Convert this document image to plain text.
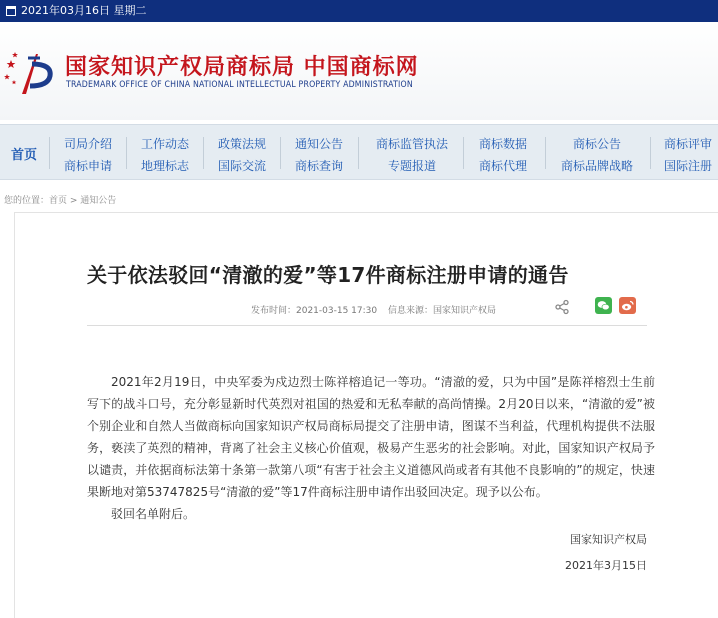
2021年03月16日 星期二
国家知识产权局商标局 中国商标网
TRADEMARK OFFICE OF CHINA NATIONAL INTELLECTUAL PROPERTY ADMINISTRATION
首页
司局介绍
商标申请
工作动态
地理标志
政策法规
国际交流
通知公告
商标查询
商标监管执法
专题报道
商标数据
商标代理
商标公告
商标品牌战略
商标评审
国际注册
您的位置：首页 > 通知公告
关于依法驳回“清澈的爱”等17件商标注册申请的通告
发布时间：2021-03-15 17:30 信息来源：国家知识产权局

2021年2月19日，中央军委为戍边烈士陈祥榕追记一等功。“清澈的爱，只为中国”是陈祥榕烈士生前写下的战斗口号，充分彰显新时代英烈对祖国的热爱和无私奉献的高尚情操。2月20日以来，“清澈的爱”被个别企业和自然人当做商标向国家知识产权局商标局提交了注册申请，图谋不当利益，代理机构提供不法服务，亵渎了英烈的精神，背离了社会主义核心价值观，极易产生恶劣的社会影响。对此，国家知识产权局予以谴责，并依据商标法第十条第一款第八项“有害于社会主义道德风尚或者有其他不良影响的”的规定，快速果断地对第53747825号“清澈的爱”等17件商标注册申请作出驳回决定。现予以公布。

驳回名单附后。

国家知识产权局
2021年3月15日
